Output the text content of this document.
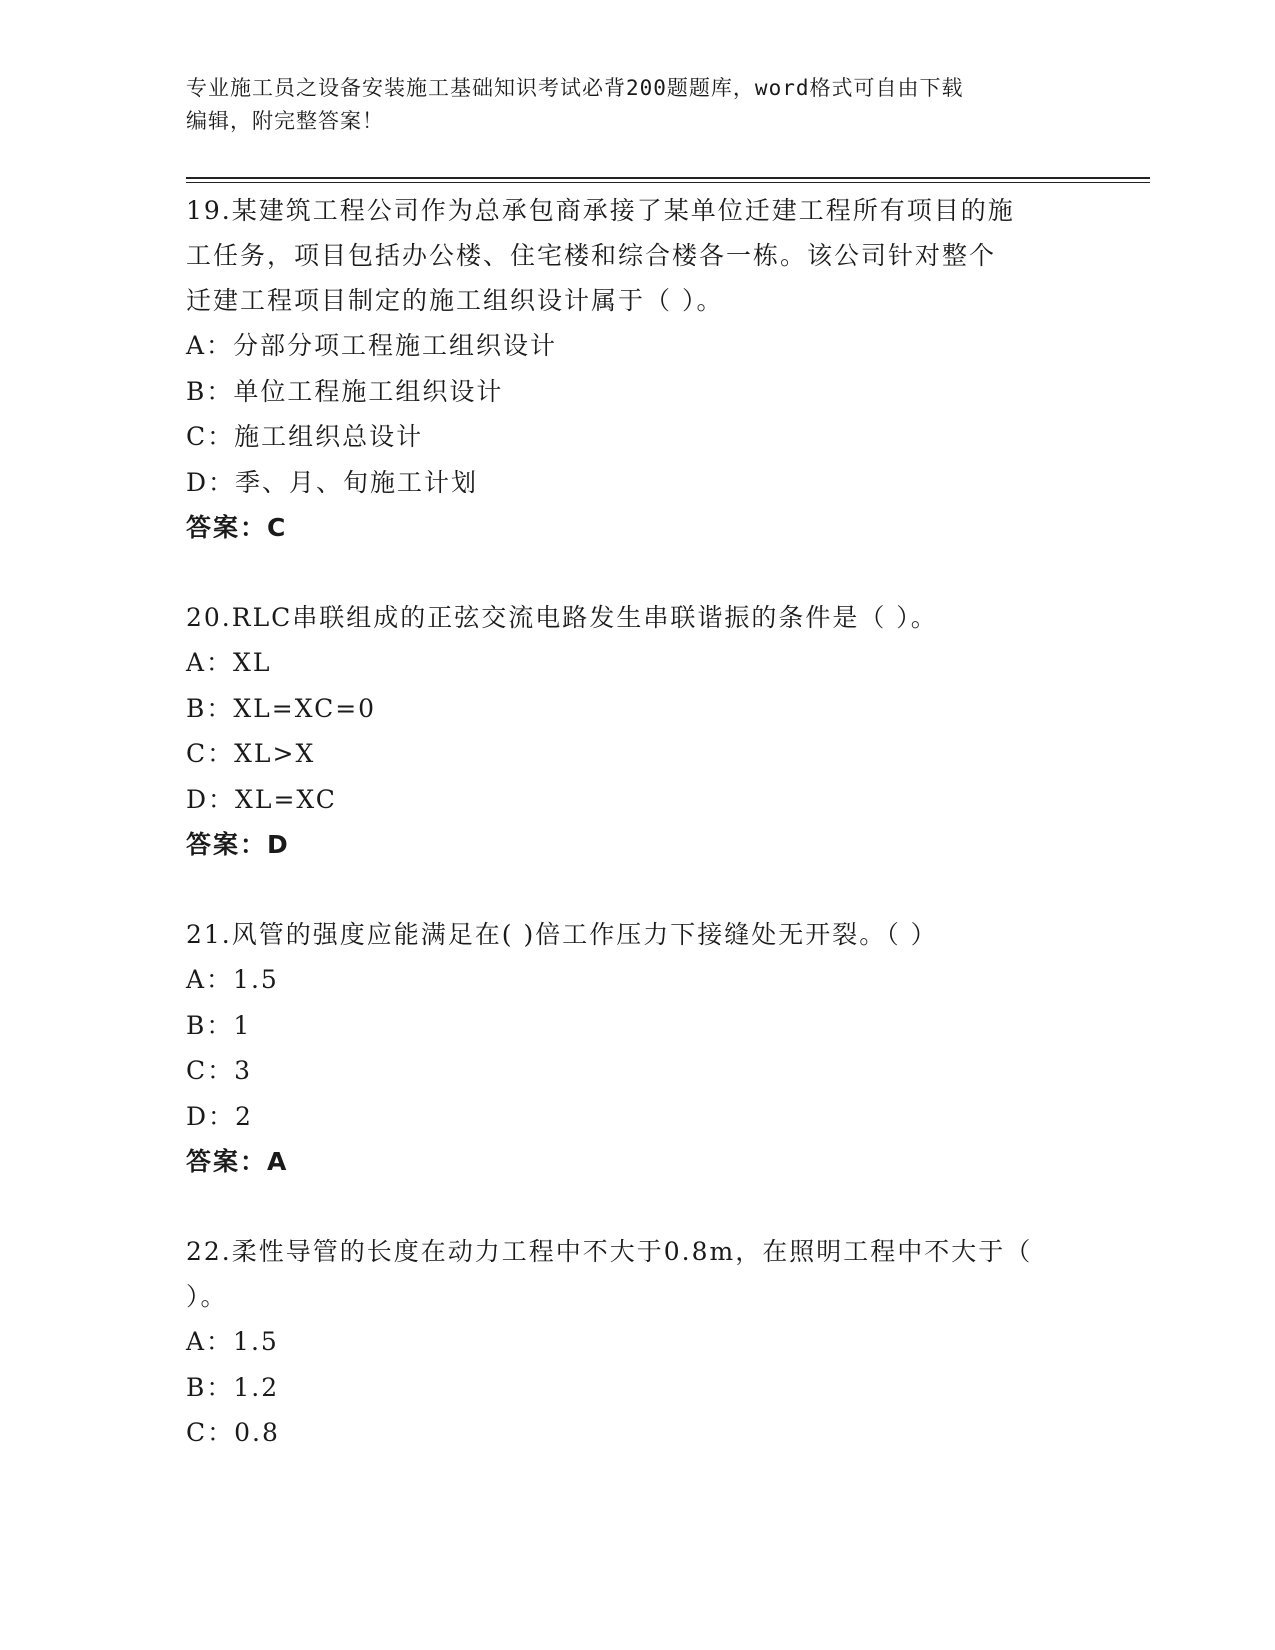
专业施工员之设备安装施工基础知识考试必背200题题库，word格式可自由下载
编辑，附完整答案！

19.某建筑工程公司作为总承包商承接了某单位迁建工程所有项目的施

工任务，项目包括办公楼、住宅楼和综合楼各一栋。该公司针对整个

迁建工程项目制定的施工组织设计属于（ ）。

A：分部分项工程施工组织设计

B：单位工程施工组织设计

C：施工组织总设计

D：季、月、旬施工计划

答案：C

20.RLC串联组成的正弦交流电路发生串联谐振的条件是（ ）。

A：XL

B：XL=XC=0

C：XL>X

D：XL=XC

答案：D

21.风管的强度应能满足在( )倍工作压力下接缝处无开裂。（ ）

A：1.5

B：1

C：3

D：2

答案：A

22.柔性导管的长度在动力工程中不大于0.8m，在照明工程中不大于（

）。

A：1.5

B：1.2

C：0.8
